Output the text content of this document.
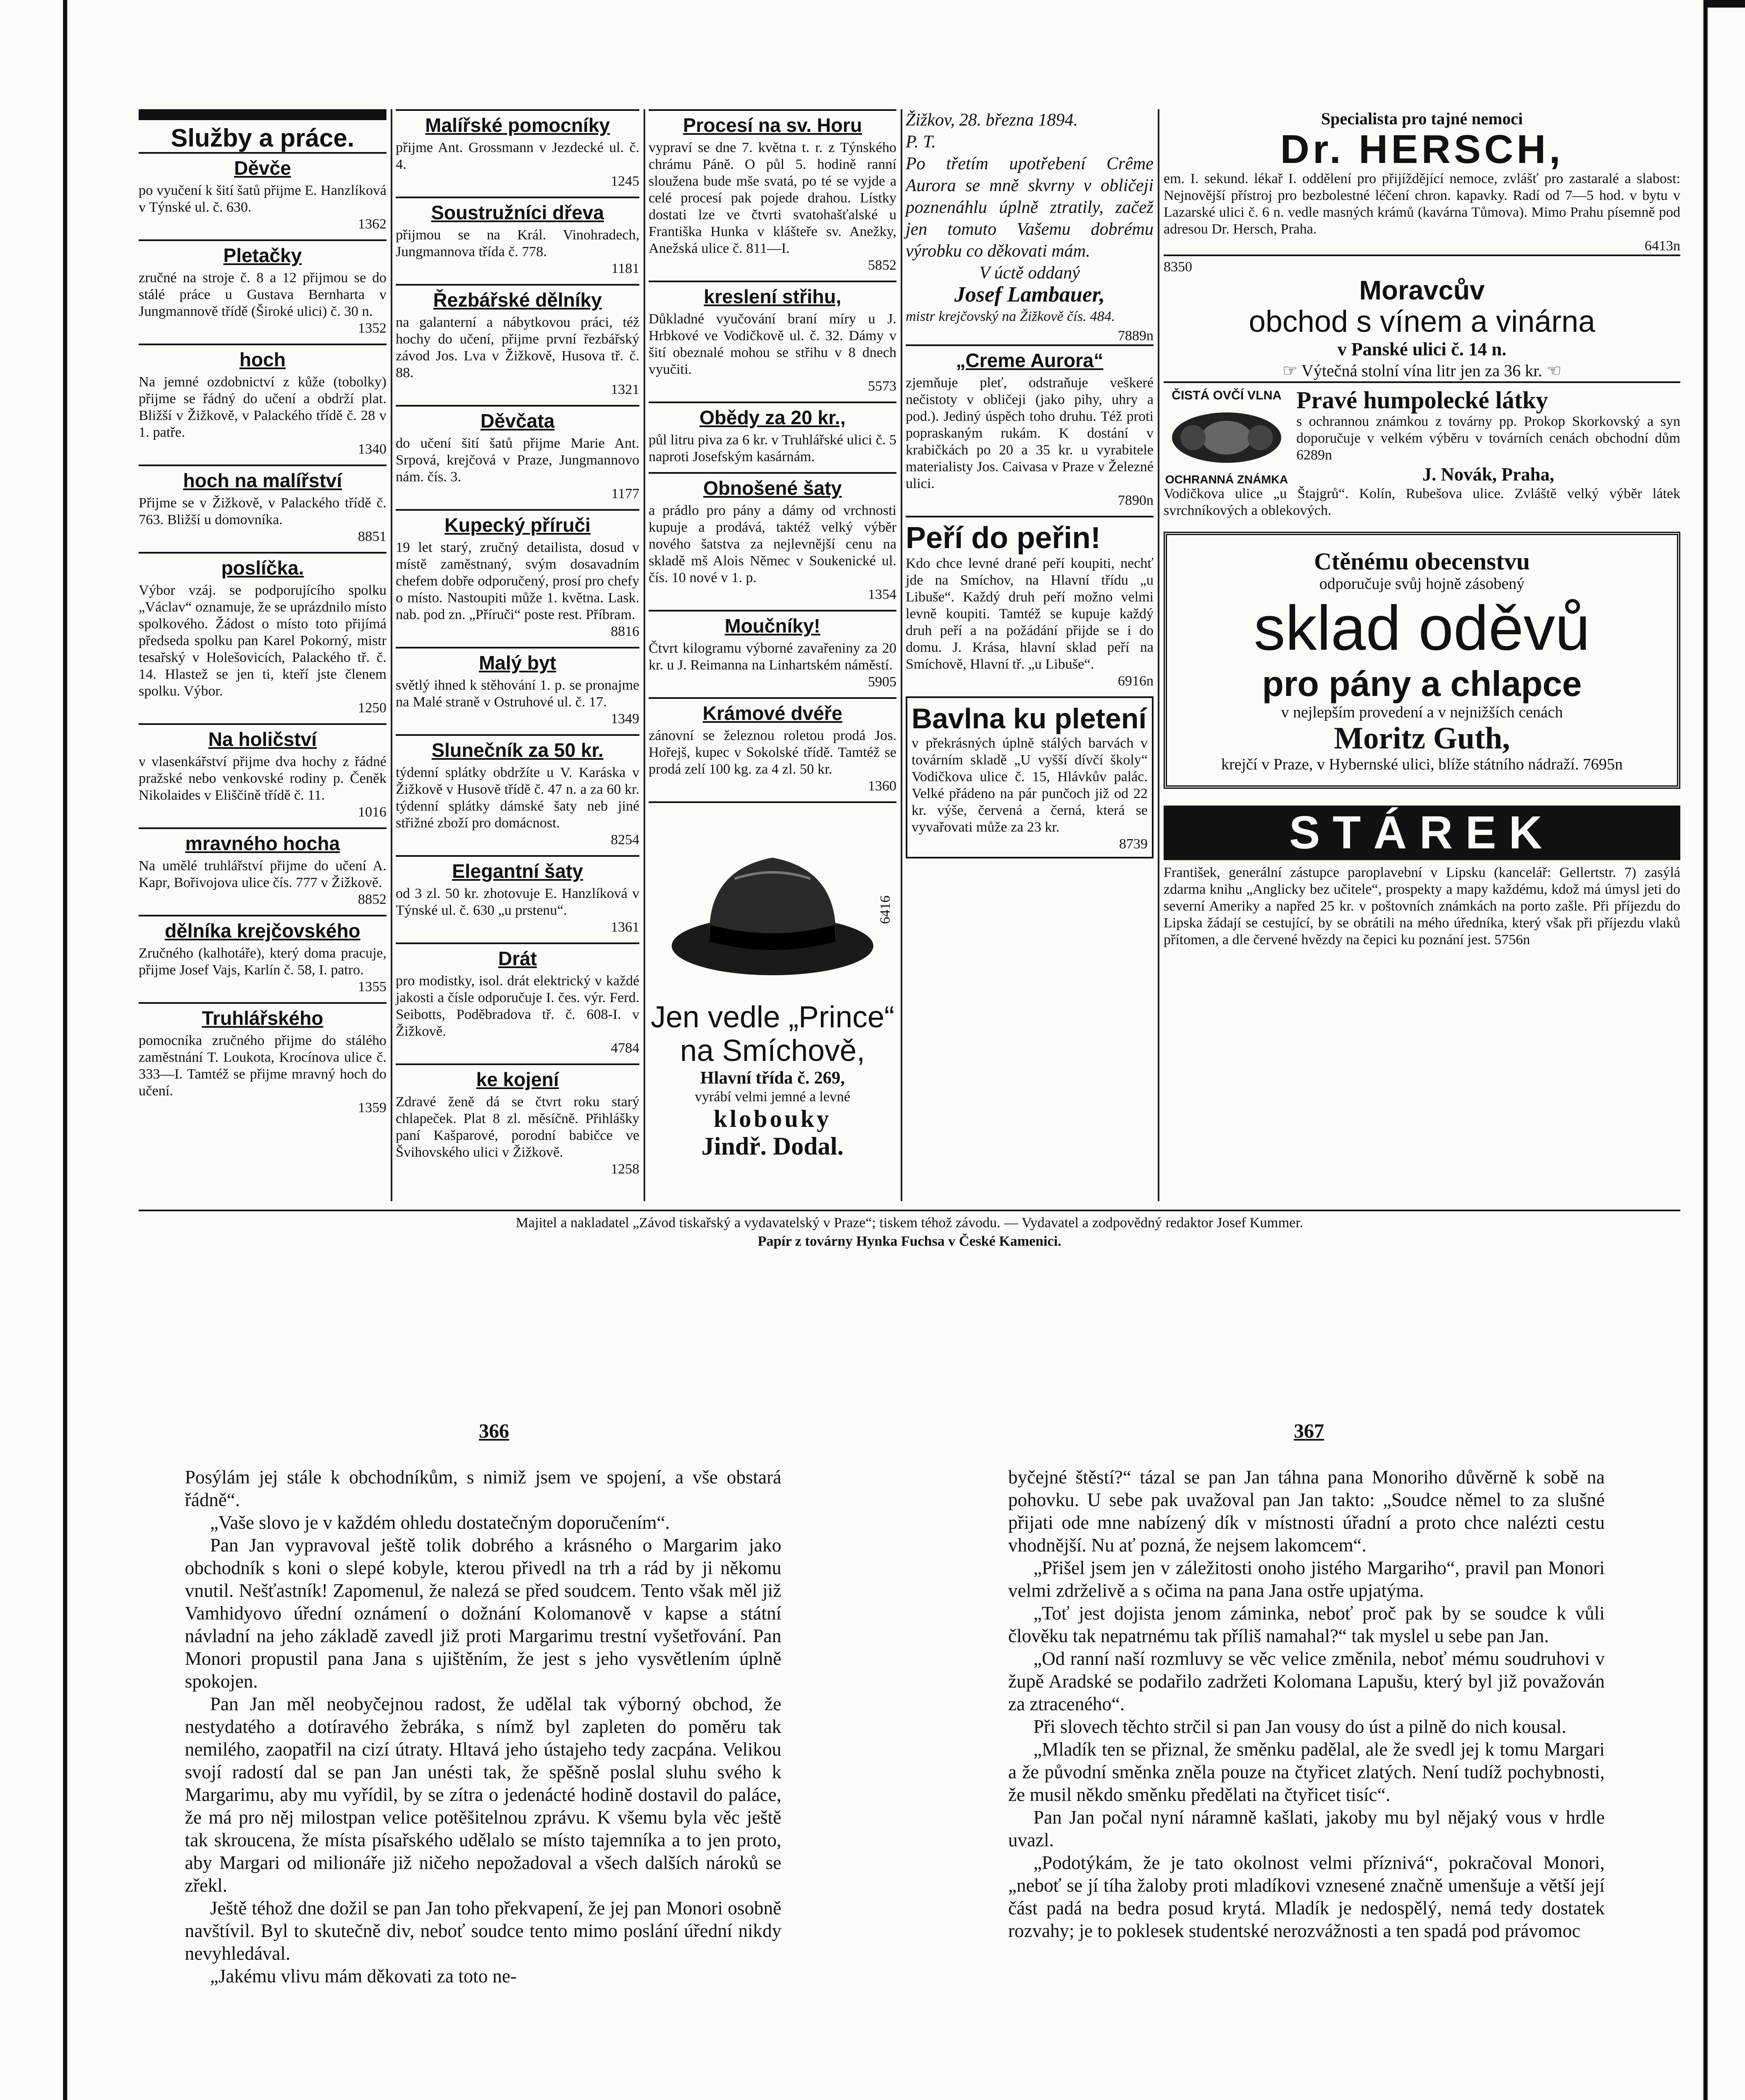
Služby a práce.

Děvče

po vyučení k šití šatů přijme E. Hanzlíková v Týnské ul. č. 630.

1362
Pletačky

zručné na stroje č. 8 a 12 přijmou se do stálé práce u Gustava Bernharta v Jungmannově třídě (Široké ulici) č. 30 n.

1352
hoch

Na jemné ozdobnictví z kůže (tobolky) přijme se řádný do učení a obdrží plat. Bližší v Žižkově, v Palackého třídě č. 28 v 1. patře.

1340
hoch na malířství

Přijme se v Žižkově, v Palackého třídě č. 763. Bližší u domovníka.

8851
poslíčka.

Výbor vzáj. se podporujícího spolku „Václav“ oznamuje, že se uprázdnilo místo spolkového. Žádost o místo toto přijímá předseda spolku pan Karel Pokorný, mistr tesařský v Holešovicích, Palackého tř. č. 14. Hlastež se jen ti, kteří jste členem spolku. Výbor.

1250
Na holičství

v vlasenkářství přijme dva hochy z řádné pražské nebo venkovské rodiny p. Čeněk Nikolaides v Eliščině třídě č. 11.

1016
mravného hocha

Na umělé truhlářství přijme do učení A. Kapr, Bořivojova ulice čís. 777 v Žižkově.

8852
dělníka krejčovského

Zručného (kalhotáře), který doma pracuje, přijme Josef Vajs, Karlín č. 58, I. patro.

1355
Truhlářského

pomocníka zručného přijme do stálého zaměstnání T. Loukota, Krocínova ulice č. 333—I. Tamtéž se přijme mravný hoch do učení.

1359
Malířské pomocníky

přijme Ant. Grossmann v Jezdecké ul. č. 4.

1245
Soustružníci dřeva

přijmou se na Král. Vinohradech, Jungmannova třída č. 778.

1181
Řezbářské dělníky

na galanterní a nábytkovou práci, též hochy do učení, přijme první řezbářský závod Jos. Lva v Žižkově, Husova tř. č. 88.

1321
Děvčata

do učení šití šatů přijme Marie Ant. Srpová, krejčová v Praze, Jungmannovo nám. čís. 3.

1177
Kupecký příruči

19 let starý, zručný detailista, dosud v místě zaměstnaný, svým dosavadním chefem dobře odporučený, prosí pro chefy o místo. Nastoupiti může 1. května. Lask. nab. pod zn. „Příruči“ poste rest. Příbram.

8816
Malý byt

světlý ihned k stěhování 1. p. se pronajme na Malé straně v Ostruhové ul. č. 17.

1349
Slunečník za 50 kr.

týdenní splátky obdržíte u V. Karáska v Žižkově v Husově třídě č. 47 n. a za 60 kr. týdenní splátky dámské šaty neb jiné střižné zboží pro domácnost.

8254
Elegantní šaty

od 3 zl. 50 kr. zhotovuje E. Hanzlíková v Týnské ul. č. 630 „u prstenu“.

1361
Drát

pro modistky, isol. drát elektrický v každé jakosti a čísle odporučuje I. čes. výr. Ferd. Seibotts, Poděbradova tř. č. 608-I. v Žižkově.

4784
ke kojení

Zdravé ženě dá se čtvrt roku starý chlapeček. Plat 8 zl. měsíčně. Přihlášky paní Kašparové, porodní babičce ve Švihovského ulici v Žižkově.

1258
Procesí na sv. Horu

vypraví se dne 7. května t. r. z Týnského chrámu Páně. O půl 5. hodině ranní sloužena bude mše svatá, po té se vyjde a celé procesí pak pojede drahou. Lístky dostati lze ve čtvrti svatohašťalské u Františka Hunka v klášteře sv. Anežky, Anežská ulice č. 811—I.

5852
kreslení střihu,

Důkladné vyučování braní míry u J. Hrbkové ve Vodičkově ul. č. 32. Dámy v šití obeznalé mohou se střihu v 8 dnech vyučiti.

5573
Obědy za 20 kr.,

půl litru piva za 6 kr. v Truhlářské ulici č. 5 naproti Josefským kasárnám.

Obnošené šaty

a prádlo pro pány a dámy od vrchnosti kupuje a prodává, taktéž velký výběr nového šatstva za nejlevnější cenu na skladě mš Alois Němec v Soukenické ul. čís. 10 nové v 1. p.

1354
Moučníky!

Čtvrt kilogramu výborné zavařeniny za 20 kr. u J. Reimanna na Linhartském náměstí.

5905
Krámové dvéře

zánovní se železnou roletou prodá Jos. Hořejš, kupec v Sokolské třídě. Tamtéž se prodá zelí 100 kg. za 4 zl. 50 kr.

1360
6416

Jen vedle „Prince“

na Smíchově,

Hlavní třída č. 269,

vyrábí velmi jemné a levné

klobouky

Jindř. Dodal.

Žižkov, 28. března 1894.

P. T.

Po třetím upotřebení Crême Aurora se mně skvrny v obličeji poznenáhlu úplně ztratily, začež jen tomuto Vašemu dobrému výrobku co děkovati mám.

V úctě oddaný

Josef Lambauer,

mistr krejčovský na Žižkově čís. 484.

7889n
„Creme Aurora“

zjemňuje pleť, odstraňuje veškeré nečistoty v obličeji (jako pihy, uhry a pod.). Jediný úspěch toho druhu. Též proti popraskaným rukám. K dostání v krabičkách po 20 a 35 kr. u vyrabitele materialisty Jos. Caivasa v Praze v Železné ulici.

7890n

Peří do peřin!

Kdo chce levné drané peří koupiti, nechť jde na Smíchov, na Hlavní třídu „u Libuše“. Každý druh peří možno velmi levně koupiti. Tamtéž se kupuje každý druh peří a na požádání přijde se i do domu. J. Krása, hlavní sklad peří na Smíchově, Hlavní tř. „u Libuše“.

6916n

Bavlna ku pletení

v překrásných úplně stálých barvách v továrním skladě „U vyšší dívčí školy“ Vodičkova ulice č. 15, Hlávkův palác. Velké přádeno na pár punčoch již od 22 kr. výše, červená a černá, která se vyvařovati může za 23 kr.

8739

Specialista pro tajné nemoci

Dr. HERSCH,

em. I. sekund. lékař I. oddělení pro přijíždějící nemoce, zvlášť pro zastaralé a slabost: Nejnovější přístroj pro bezbolestné léčení chron. kapavky. Radí od 7—5 hod. v bytu v Lazarské ulici č. 6 n. vedle masných krámů (kavárna Tůmova). Mimo Prahu písemně pod adresou Dr. Hersch, Praha.

6413n
8350

Moravcův

obchod s vínem a vinárna

v Panské ulici č. 14 n.

☞ Výtečná stolní vína litr jen za 36 kr. ☜

ČISTÁ OVČÍ VLNA

OCHRANNÁ ZNÁMKA

Pravé humpolecké látky

s ochrannou známkou z továrny pp. Prokop Skorkovský a syn doporučuje v velkém výběru v továrních cenách obchodní dům 6289n

J. Novák, Praha,

Vodičkova ulice „u Štajgrů“. Kolín, Rubešova ulice. Zvláště velký výběr látek svrchníkových a oblekových.

Ctěnému obecenstvu

odporučuje svůj hojně zásobený

sklad oděvů

pro pány a chlapce

v nejlepším provedení a v nejnižších cenách

Moritz Guth,

krejčí v Praze, v Hybernské ulici, blíže státního nádraží. 7695n

STÁREK

František, generální zástupce paroplavební v Lipsku (kancelář: Gellertstr. 7) zasýlá zdarma knihu „Anglicky bez učitele“, prospekty a mapy každému, kdož má úmysl jeti do severní Ameriky a napřed 25 kr. v poštovních známkách na porto zašle. Při příjezdu do Lipska žádají se cestující, by se obrátili na mého úředníka, který však při příjezdu vlaků přítomen, a dle červené hvězdy na čepici ku poznání jest. 5756n

Majitel a nakladatel „Závod tiskařský a vydavatelský v Praze“; tiskem téhož závodu. — Vydavatel a zodpovědný redaktor Josef Kummer.
Papír z továrny Hynka Fuchsa v České Kamenici.
366	367

Posýlám jej stále k obchodníkům, s nimiž jsem ve spojení, a vše obstará řádně“.

„Vaše slovo je v každém ohledu dostatečným doporučením“.

Pan Jan vypravoval ještě tolik dobrého a krásného o Margarim jako obchodník s koni o slepé kobyle, kterou přivedl na trh a rád by ji někomu vnutil. Nešťastník! Zapomenul, že nalezá se před soudcem. Tento však měl již Vamhidyovo úřední oznámení o dožnání Kolomanově v kapse a státní návladní na jeho základě zavedl již proti Margarimu trestní vyšetřování. Pan Monori propustil pana Jana s ujištěním, že jest s jeho vysvětlením úplně spokojen.

Pan Jan měl neobyčejnou radost, že udělal tak výborný obchod, že nestydatého a dotíravého žebráka, s nímž byl zapleten do poměru tak nemilého, zaopatřil na cizí útraty. Hltavá jeho ústajeho tedy zacpána. Velikou svojí radostí dal se pan Jan unésti tak, že spěšně poslal sluhu svého k Margarimu, aby mu vyřídil, by se zítra o jedenácté hodině dostavil do paláce, že má pro něj milostpan velice potěšitelnou zprávu. K všemu byla věc ještě tak skroucena, že místa písařského udělalo se místo tajemníka a to jen proto, aby Margari od milionáře již ničeho nepožadoval a všech dalších nároků se zřekl.

Ještě téhož dne dožil se pan Jan toho překvapení, že jej pan Monori osobně navštívil. Byl to skutečně div, neboť soudce tento mimo poslání úřední nikdy nevyhledával.

„Jakému vlivu mám děkovati za toto ne-

byčejné štěstí?“ tázal se pan Jan táhna pana Monoriho důvěrně k sobě na pohovku. U sebe pak uvažoval pan Jan takto: „Soudce němel to za slušné přijati ode mne nabízený dík v místnosti úřadní a proto chce nalézti cestu vhodnější. Nu ať pozná, že nejsem lakomcem“.

„Přišel jsem jen v záležitosti onoho jistého Margariho“, pravil pan Monori velmi zdrželivě a s očima na pana Jana ostře upjatýma.

„Toť jest dojista jenom záminka, neboť proč pak by se soudce k vůli člověku tak nepatrnému tak příliš namahal?“ tak myslel u sebe pan Jan.

„Od ranní naší rozmluvy se věc velice změnila, neboť mému soudruhovi v župě Aradské se podařilo zadržeti Kolomana Lapušu, který byl již považován za ztraceného“.

Při slovech těchto strčil si pan Jan vousy do úst a pilně do nich kousal.

„Mladík ten se přiznal, že směnku padělal, ale že svedl jej k tomu Margari a že původní směnka zněla pouze na čtyřicet zlatých. Není tudíž pochybnosti, že musil někdo směnku předělati na čtyřicet tisíc“.

Pan Jan počal nyní náramně kašlati, jakoby mu byl nějaký vous v hrdle uvazl.

„Podotýkám, že je tato okolnost velmi příznivá“, pokračoval Monori, „neboť se jí tíha žaloby proti mladíkovi vznesené značně umenšuje a větší její část padá na bedra posud krytá. Mladík je nedospělý, nemá tedy dostatek rozvahy; je to poklesek studentské nerozvážnosti a ten spadá pod právomoc
